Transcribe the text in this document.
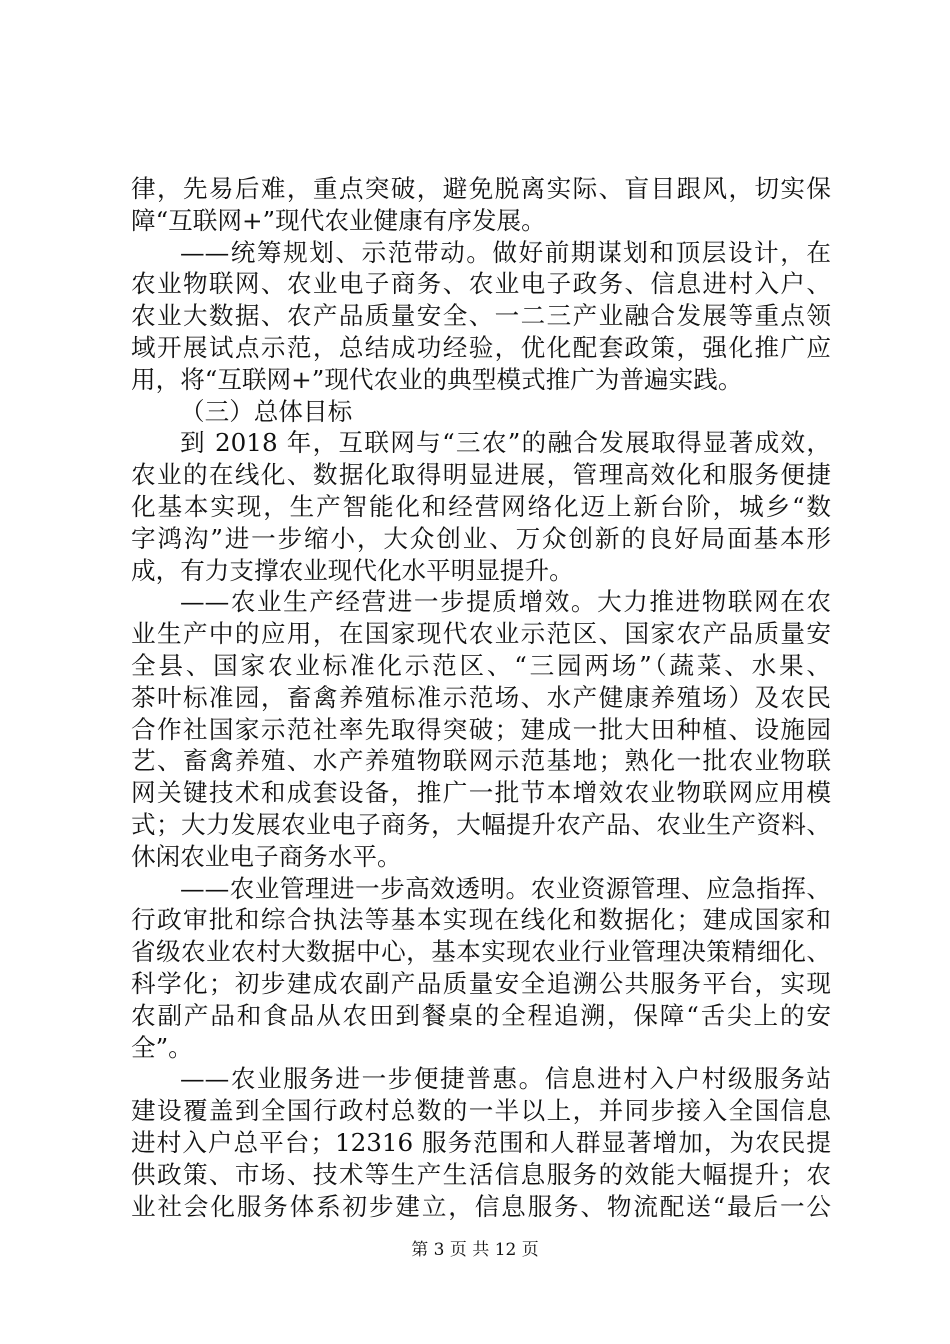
律，先易后难，重点突破，避免脱离实际、盲目跟风，切实保
障“互联网+”现代农业健康有序发展。
——统筹规划、示范带动。做好前期谋划和顶层设计，在
农业物联网、农业电子商务、农业电子政务、信息进村入户、
农业大数据、农产品质量安全、一二三产业融合发展等重点领
域开展试点示范，总结成功经验，优化配套政策，强化推广应
用，将“互联网+”现代农业的典型模式推广为普遍实践。
（三）总体目标
到 2018 年，互联网与“三农”的融合发展取得显著成效，
农业的在线化、数据化取得明显进展，管理高效化和服务便捷
化基本实现，生产智能化和经营网络化迈上新台阶，城乡“数
字鸿沟”进一步缩小，大众创业、万众创新的良好局面基本形
成，有力支撑农业现代化水平明显提升。
——农业生产经营进一步提质增效。大力推进物联网在农
业生产中的应用，在国家现代农业示范区、国家农产品质量安
全县、国家农业标准化示范区、“三园两场”（蔬菜、水果、
茶叶标准园，畜禽养殖标准示范场、水产健康养殖场）及农民
合作社国家示范社率先取得突破；建成一批大田种植、设施园
艺、畜禽养殖、水产养殖物联网示范基地；熟化一批农业物联
网关键技术和成套设备，推广一批节本增效农业物联网应用模
式；大力发展农业电子商务，大幅提升农产品、农业生产资料、
休闲农业电子商务水平。
——农业管理进一步高效透明。农业资源管理、应急指挥、
行政审批和综合执法等基本实现在线化和数据化；建成国家和
省级农业农村大数据中心，基本实现农业行业管理决策精细化、
科学化；初步建成农副产品质量安全追溯公共服务平台，实现
农副产品和食品从农田到餐桌的全程追溯，保障“舌尖上的安
全”。
——农业服务进一步便捷普惠。信息进村入户村级服务站
建设覆盖到全国行政村总数的一半以上，并同步接入全国信息
进村入户总平台；12316 服务范围和人群显著增加，为农民提
供政策、市场、技术等生产生活信息服务的效能大幅提升；农
业社会化服务体系初步建立，信息服务、物流配送“最后一公
第 3 页 共 12 页
